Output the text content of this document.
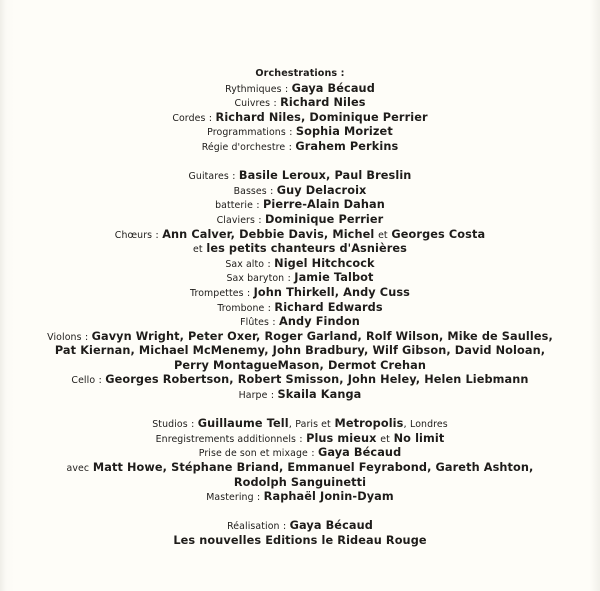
Orchestrations :
Rythmiques : Gaya Bécaud
Cuivres : Richard Niles
Cordes : Richard Niles, Dominique Perrier
Programmations : Sophia Morizet
Régie d'orchestre : Grahem Perkins
Guitares : Basile Leroux, Paul Breslin
Basses : Guy Delacroix
batterie : Pierre-Alain Dahan
Claviers : Dominique Perrier
Chœurs : Ann Calver, Debbie Davis, Michel et Georges Costa
et les petits chanteurs d'Asnières
Sax alto : Nigel Hitchcock
Sax baryton : Jamie Talbot
Trompettes : John Thirkell, Andy Cuss
Trombone : Richard Edwards
Flûtes : Andy Findon
Violons : Gavyn Wright, Peter Oxer, Roger Garland, Rolf Wilson, Mike de Saulles,
Pat Kiernan, Michael McMenemy, John Bradbury, Wilf Gibson, David Noloan,
Perry MontagueMason, Dermot Crehan
Cello : Georges Robertson, Robert Smisson, John Heley, Helen Liebmann
Harpe : Skaila Kanga
Studios : Guillaume Tell, Paris et Metropolis, Londres
Enregistrements additionnels : Plus mieux et No limit
Prise de son et mixage : Gaya Bécaud
avec Matt Howe, Stéphane Briand, Emmanuel Feyrabond, Gareth Ashton,
Rodolph Sanguinetti
Mastering : Raphaël Jonin-Dyam
Réalisation : Gaya Bécaud
Les nouvelles Editions le Rideau Rouge
